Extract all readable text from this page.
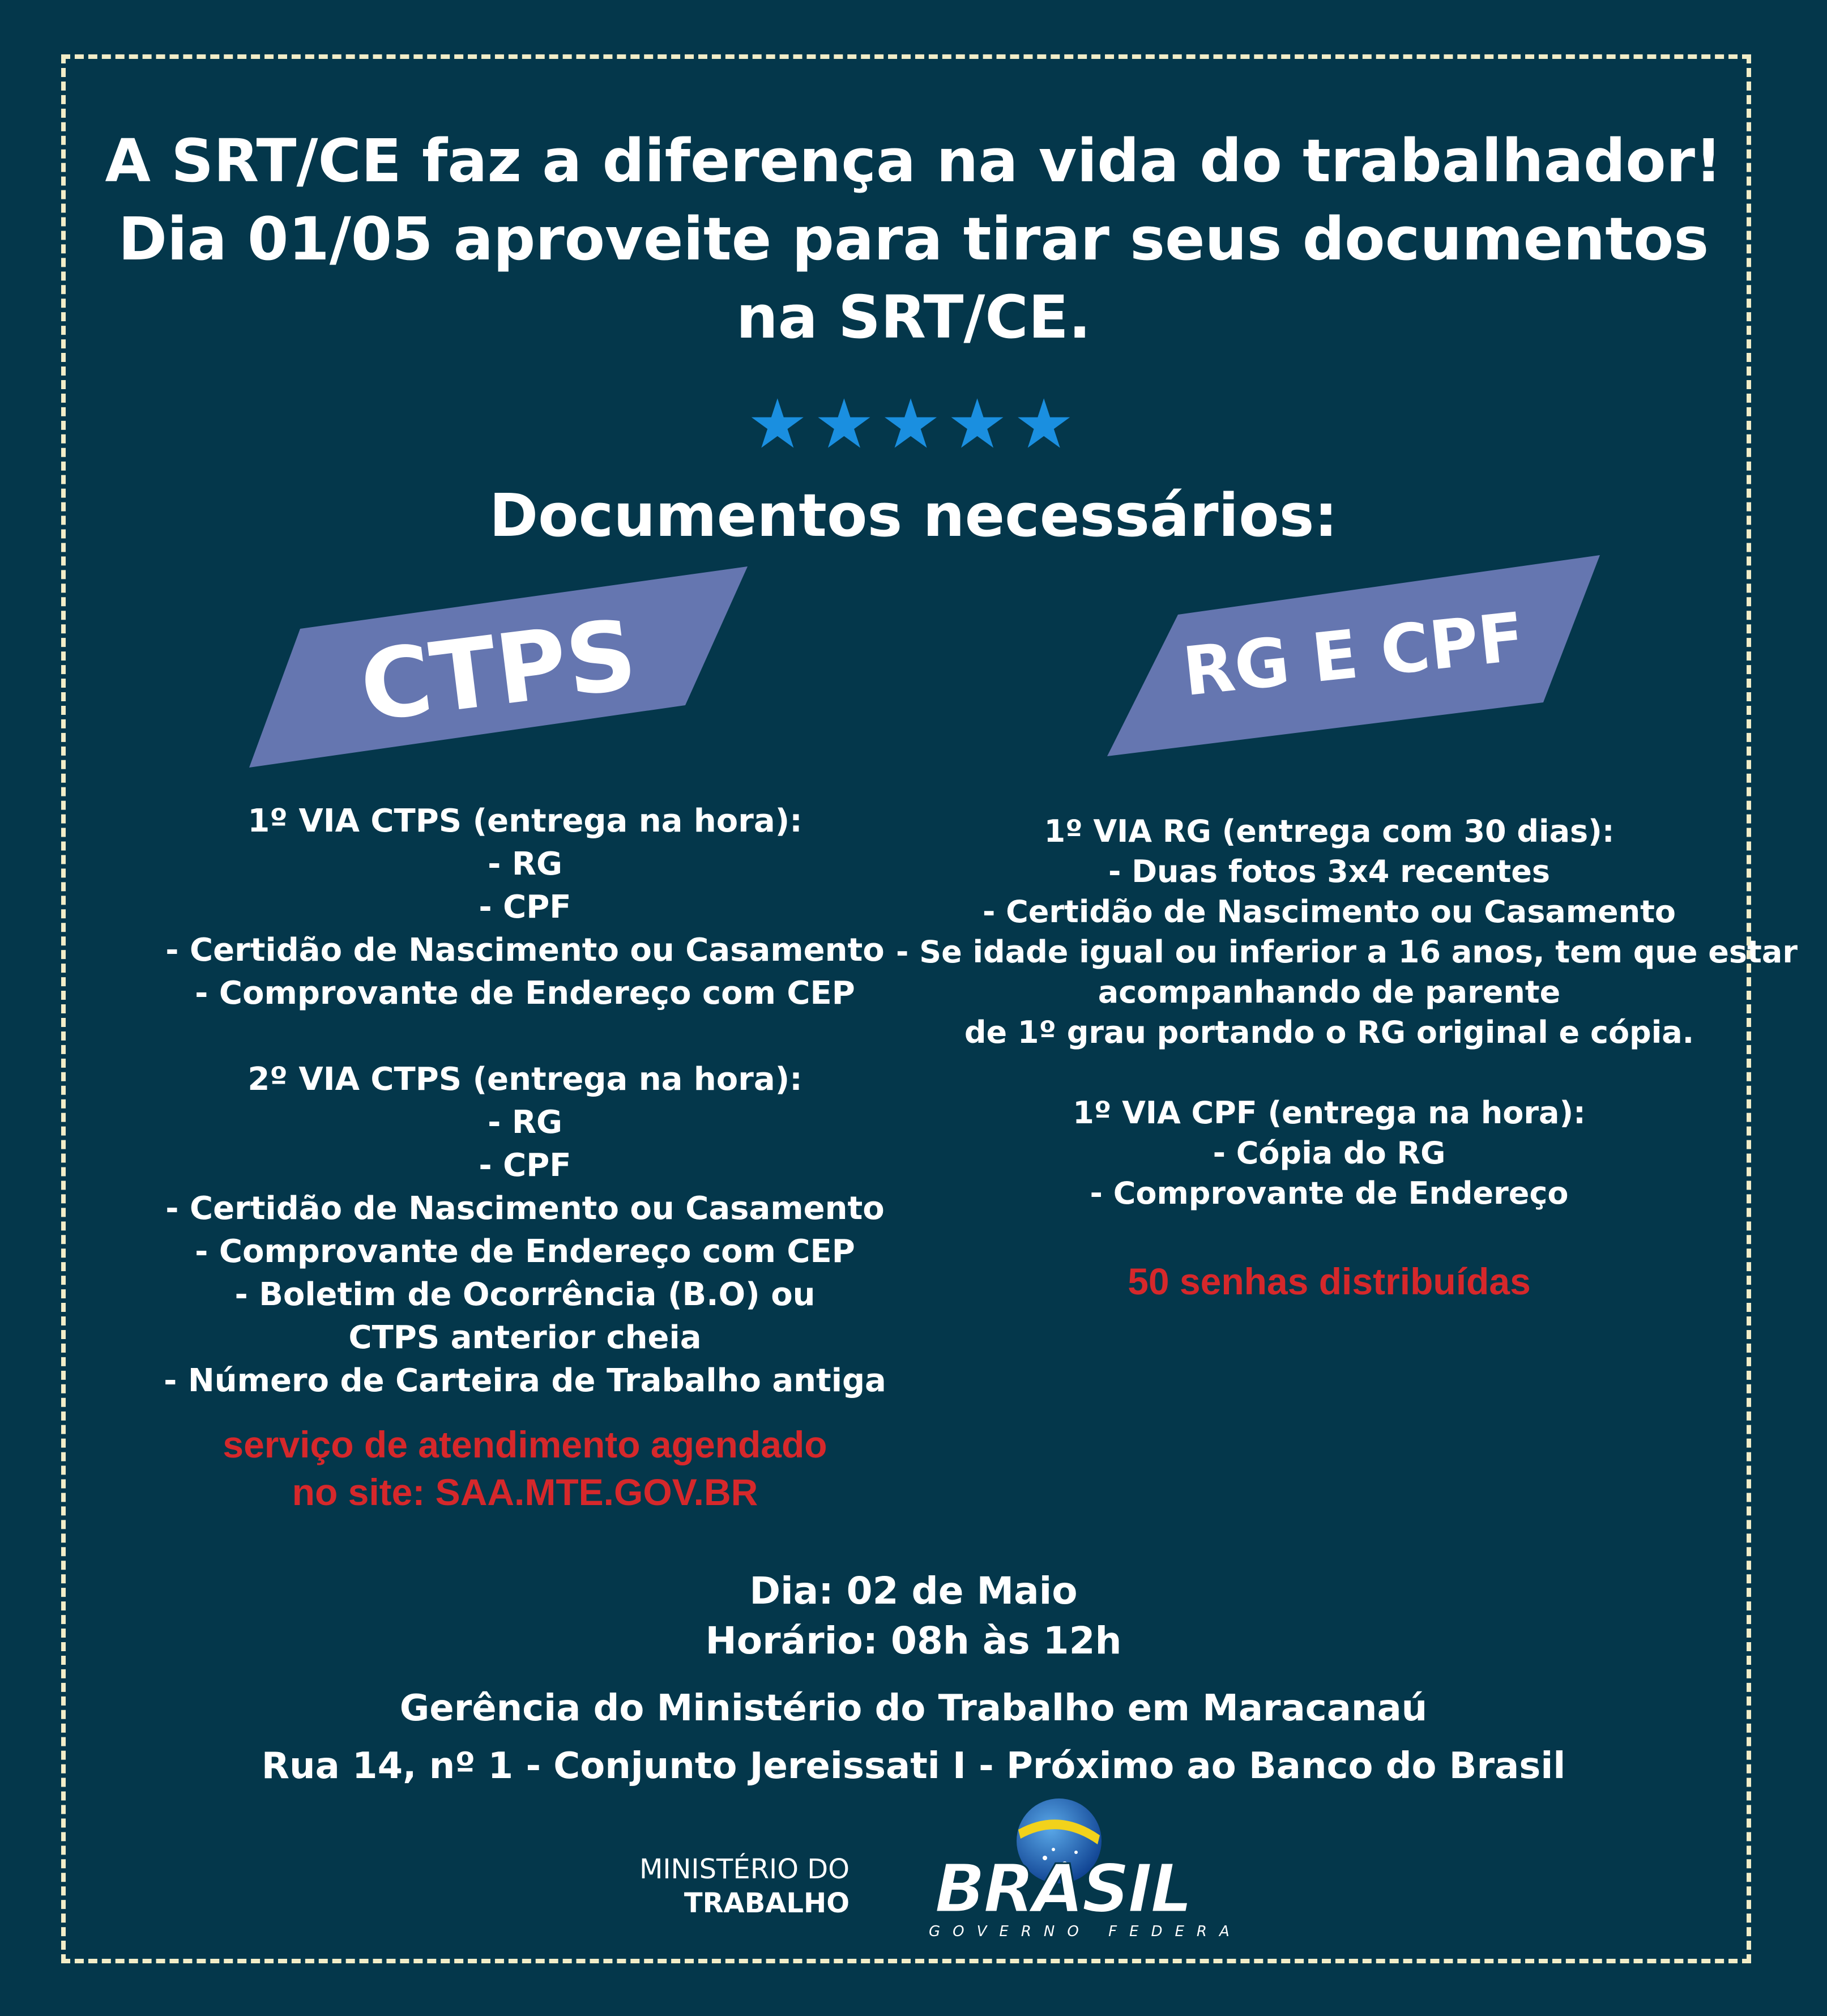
A SRT/CE faz a diferença na vida do trabalhador!
Dia 01/05 aproveite para tirar seus documentos
na SRT/CE.
★★★★★
Documentos necessários:
CTPS	RG E CPF
1º VIA CTPS (entrega na hora):
- RG
- CPF
- Certidão de Nascimento ou Casamento
- Comprovante de Endereço com CEP
2º VIA CTPS (entrega na hora):
- RG
- CPF
- Certidão de Nascimento ou Casamento
- Comprovante de Endereço com CEP
- Boletim de Ocorrência (B.O) ou
CTPS anterior cheia
- Número de Carteira de Trabalho antiga
serviço de atendimento agendado
no site: SAA.MTE.GOV.BR
1º VIA RG (entrega com 30 dias):
- Duas fotos 3x4 recentes
- Certidão de Nascimento ou Casamento
- Se idade igual ou inferior a 16 anos, tem que estar
acompanhando de parente
de 1º grau portando o RG original e cópia.
1º VIA CPF (entrega na hora):
- Cópia do RG
- Comprovante de Endereço
50 senhas distribuídas
Dia: 02 de Maio
Horário: 08h às 12h
Gerência do Ministério do Trabalho em Maracanaú
Rua 14, nº 1 - Conjunto Jereissati I - Próximo ao Banco do Brasil
MINISTÉRIO DO
TRABALHO BRASIL
GOVERNO FEDERAL
